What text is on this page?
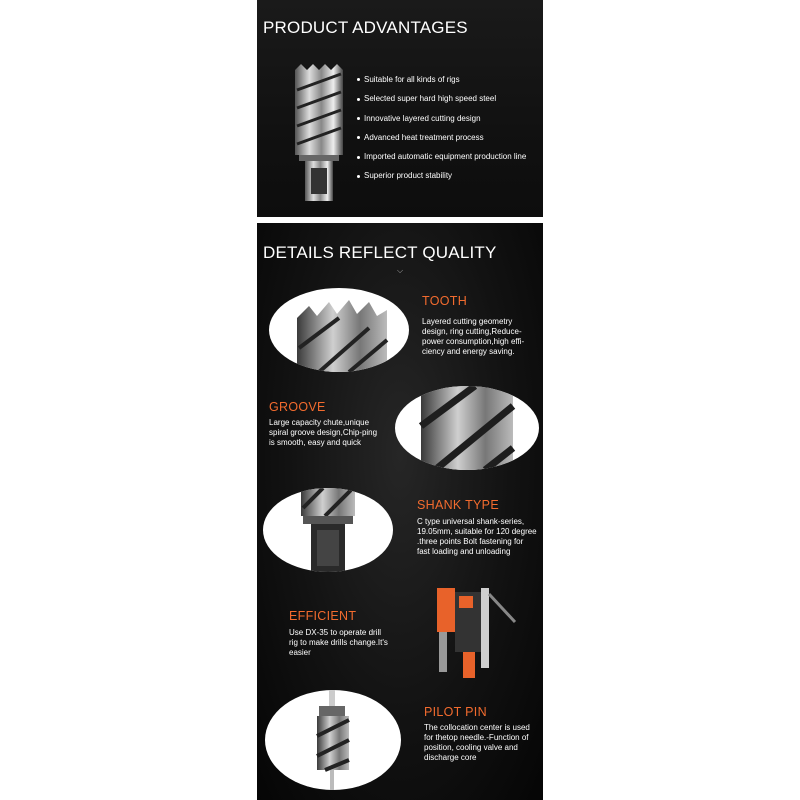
PRODUCT ADVANTAGES
Suitable for all kinds of rigs
Selected super hard high speed steel
Innovative layered cutting design
Advanced heat treatment process
Imported automatic equipment production line
Superior product stability
DETAILS REFLECT QUALITY
⌵
TOOTH
Layered cutting geometry design, ring cutting,Reduce-power consumption,high effi-ciency and energy saving.
GROOVE
Large capacity chute,unique spiral groove design,Chip-ping is smooth, easy and quick
SHANK TYPE
C type universal shank-series, 19.05mm, suitable for 120 degree .three points Bolt fastening for fast loading and unloading
EFFICIENT
Use DX-35 to operate drill rig to make drills change.It's easier
PILOT PIN
The collocation center is used for thetop needle.-Function of position, cooling valve and discharge core
